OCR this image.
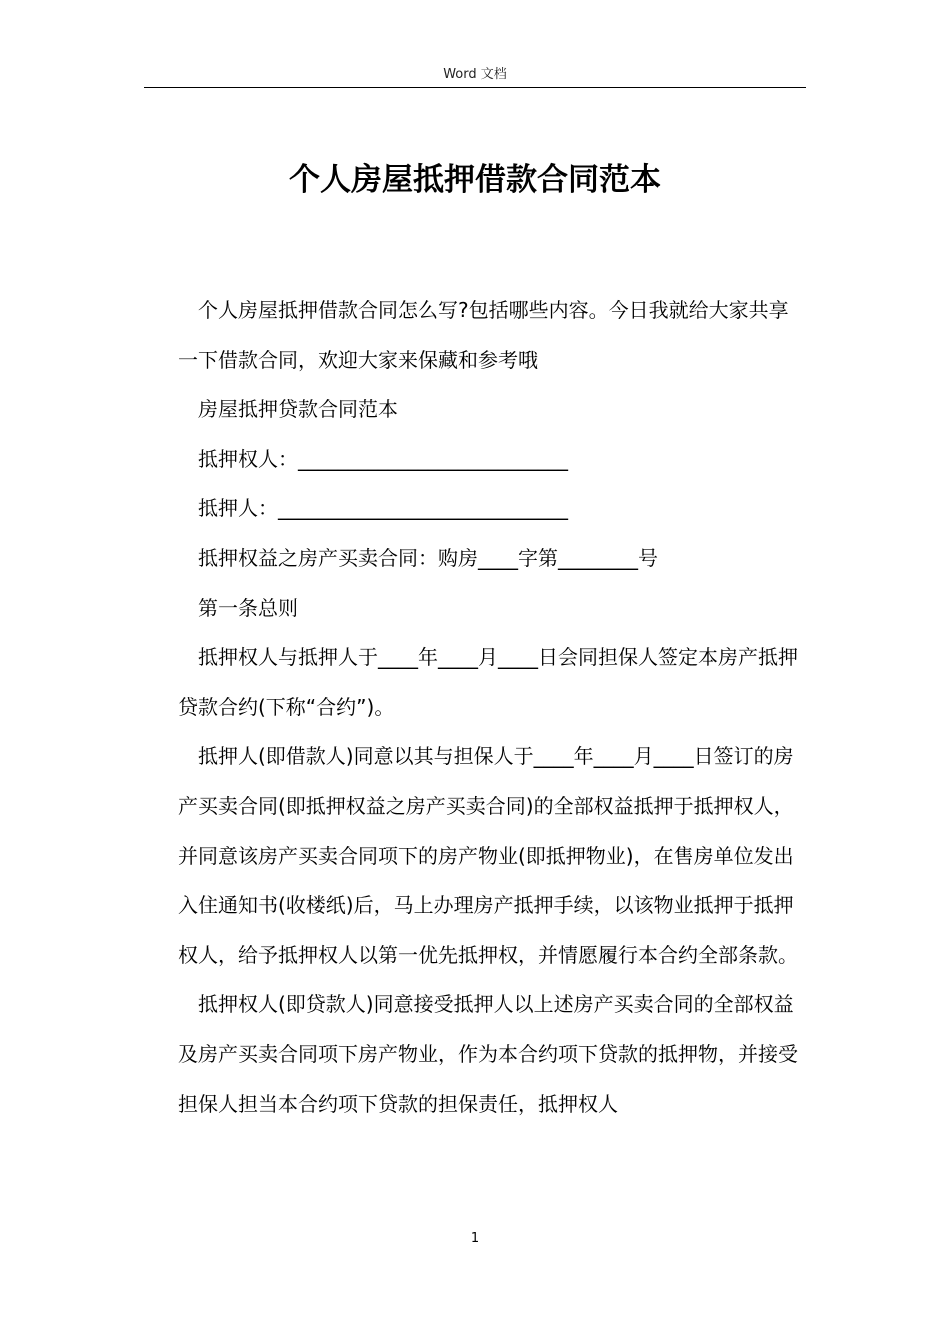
Word 文档
个人房屋抵押借款合同范本

个人房屋抵押借款合同怎么写?包括哪些内容。今日我就给大家共享一下借款合同，欢迎大家来保藏和参考哦

房屋抵押贷款合同范本

抵押权人：___________________________

抵押人：_____________________________

抵押权益之房产买卖合同：购房____字第________号

第一条总则

抵押权人与抵押人于____年____月____日会同担保人签定本房产抵押贷款合约(下称“合约”)。

抵押人(即借款人)同意以其与担保人于____年____月____日签订的房产买卖合同(即抵押权益之房产买卖合同)的全部权益抵押于抵押权人，并同意该房产买卖合同项下的房产物业(即抵押物业)，在售房单位发出入住通知书(收楼纸)后，马上办理房产抵押手续，以该物业抵押于抵押权人，给予抵押权人以第一优先抵押权，并情愿履行本合约全部条款。

抵押权人(即贷款人)同意接受抵押人以上述房产买卖合同的全部权益及房产买卖合同项下房产物业，作为本合约项下贷款的抵押物，并接受担保人担当本合约项下贷款的担保责任，抵押权人

1
